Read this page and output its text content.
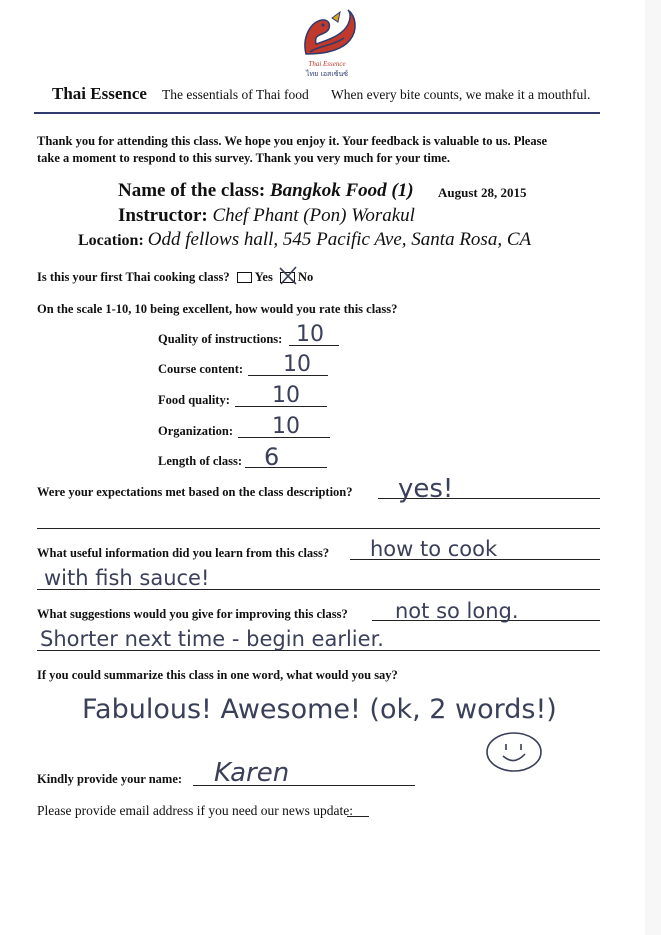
Thai Essence
ไทย เอสเซ้นซ์
Thai Essence The essentials of Thai food When every bite counts, we make it a mouthful.
Thank you for attending this class. We hope you enjoy it. Your feedback is valuable to us. Please
take a moment to respond to this survey. Thank you very much for your time.
Name of the class: Bangkok Food (1) August 28, 2015
Instructor: Chef Phant (Pon) Worakul
Location: Odd fellows hall, 545 Pacific Ave, Santa Rosa, CA
Is this your first Thai cooking class? Yes No
On the scale 1-10, 10 being excellent, how would you rate this class?
Quality of instructions: 10
Course content: 10
Food quality: 10
Organization: 10
Length of class: 6
Were your expectations met based on the class description? yes!
What useful information did you learn from this class? how to cook
with fish sauce!
What suggestions would you give for improving this class? not so long.
Shorter next time - begin earlier.
If you could summarize this class in one word, what would you say?
Fabulous! Awesome! (ok, 2 words!)
Kindly provide your name: Karen
Please provide email address if you need our news update:
